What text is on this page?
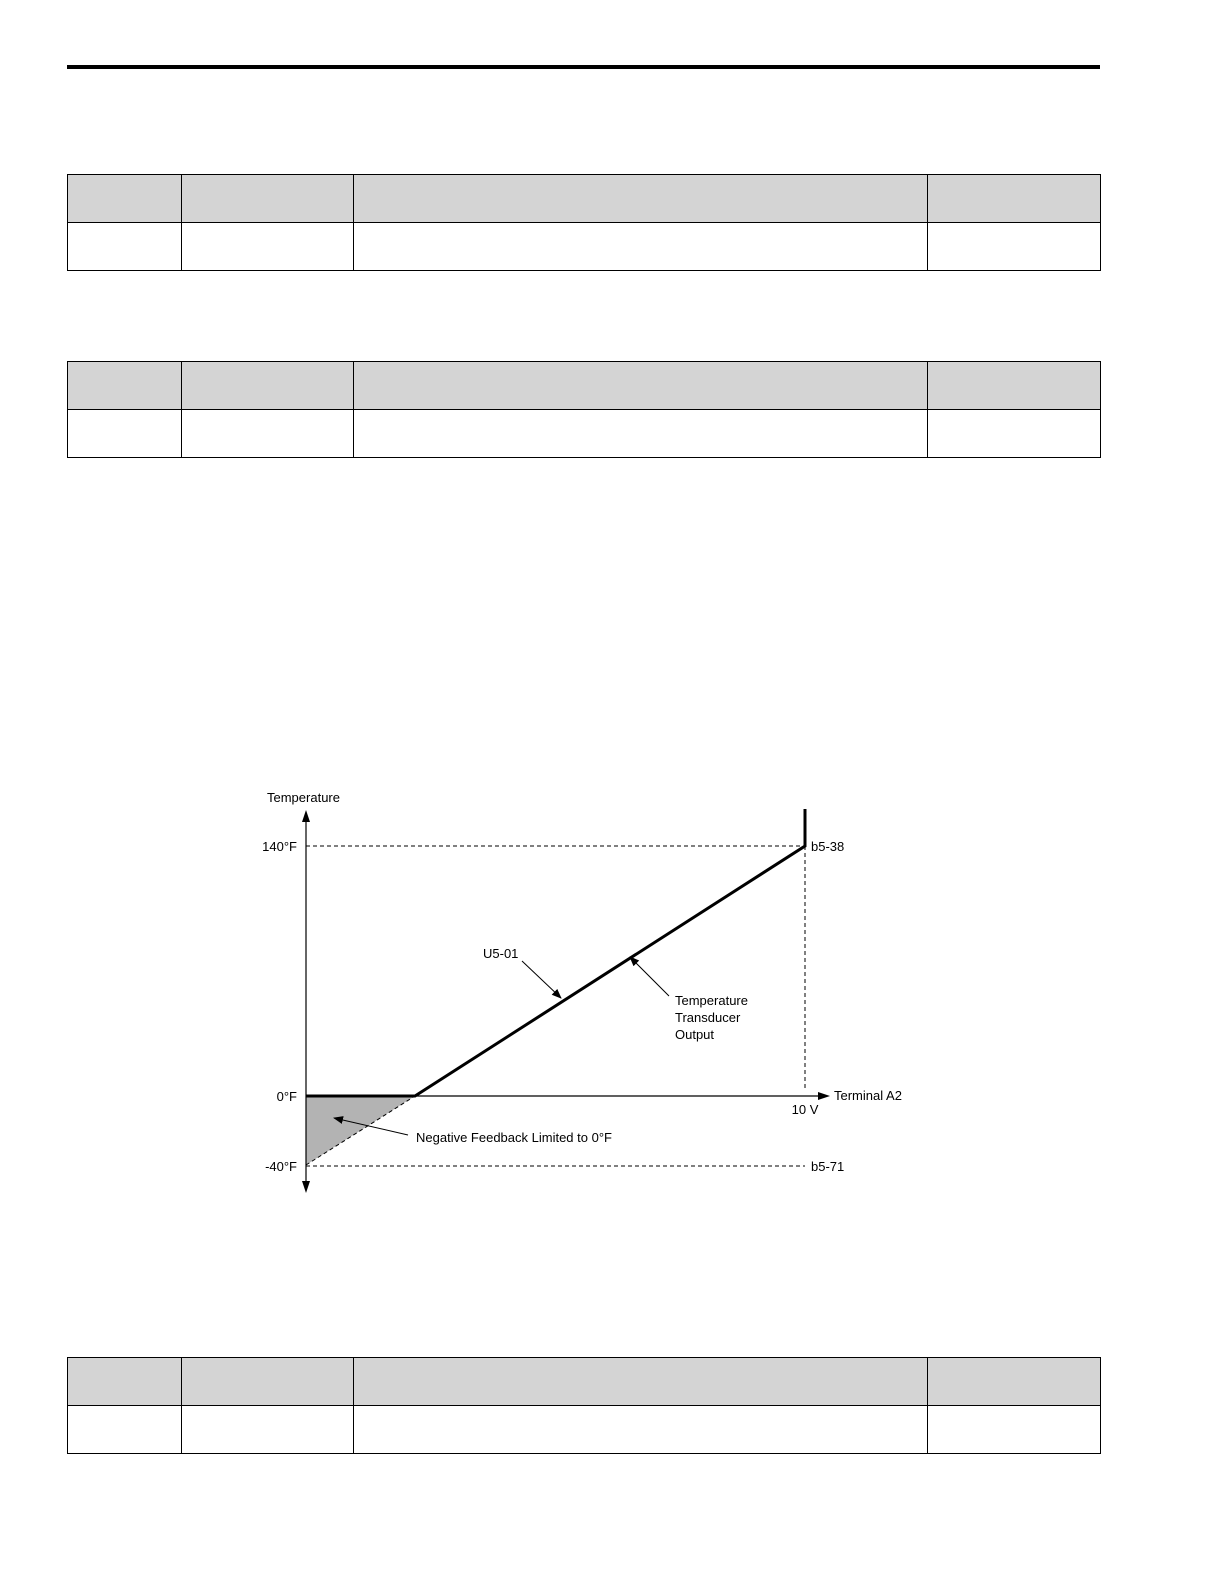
Temperature
140°F
0°F
-40°F
Terminal A2
10 V
b5-38
b5-71
U5-01
Temperature
Transducer
Output
Negative Feedback Limited to 0°F
